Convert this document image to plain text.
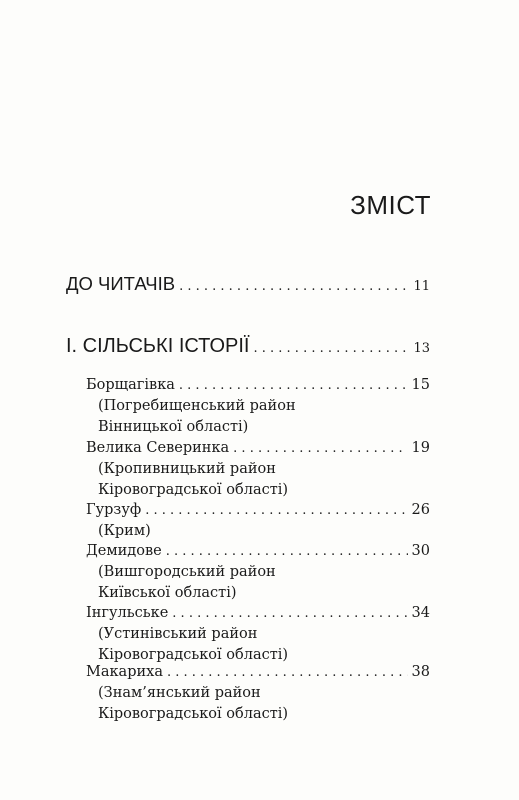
ЗМІСТ
ДО ЧИТАЧІВ . . .	11
І. СІЛЬСЬКІ ІСТОРІЇ . . .	13
Борщагівка . . .	15
(Погребищенський район
Вінницької області)
Велика Северинка . . .	19
(Кропивницький район
Кіровоградської області)
Гурзуф . . .	26
(Крим)
Демидове . . .	30
(Вишгородський район
Київської області)
Інгульське . . .	34
(Устинівський район
Кіровоградської області)
Макариха . . .	38
(Знам’янський район
Кіровоградської області)
